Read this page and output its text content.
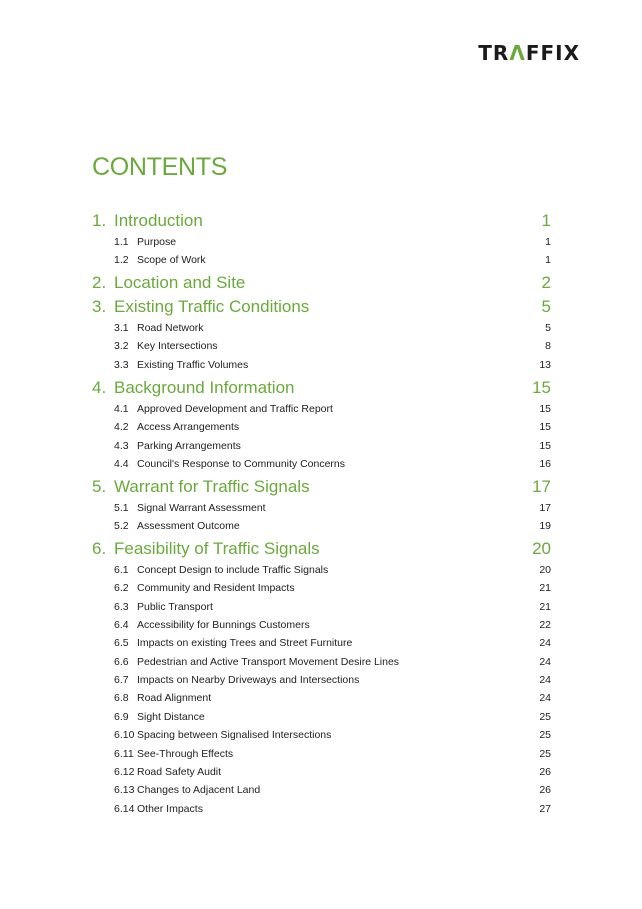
TRΛFFIX
CONTENTS
1. Introduction	1
1.1 Purpose	1
1.2 Scope of Work	1
2. Location and Site	2
3. Existing Traffic Conditions	5
3.1 Road Network	5
3.2 Key Intersections	8
3.3 Existing Traffic Volumes	13
4. Background Information	15
4.1 Approved Development and Traffic Report	15
4.2 Access Arrangements	15
4.3 Parking Arrangements	15
4.4 Council's Response to Community Concerns	16
5. Warrant for Traffic Signals	17
5.1 Signal Warrant Assessment	17
5.2 Assessment Outcome	19
6. Feasibility of Traffic Signals	20
6.1 Concept Design to include Traffic Signals	20
6.2 Community and Resident Impacts	21
6.3 Public Transport	21
6.4 Accessibility for Bunnings Customers	22
6.5 Impacts on existing Trees and Street Furniture	24
6.6 Pedestrian and Active Transport Movement Desire Lines	24
6.7 Impacts on Nearby Driveways and Intersections	24
6.8 Road Alignment	24
6.9 Sight Distance	25
6.10 Spacing between Signalised Intersections	25
6.11 See-Through Effects	25
6.12 Road Safety Audit	26
6.13 Changes to Adjacent Land	26
6.14 Other Impacts	27
